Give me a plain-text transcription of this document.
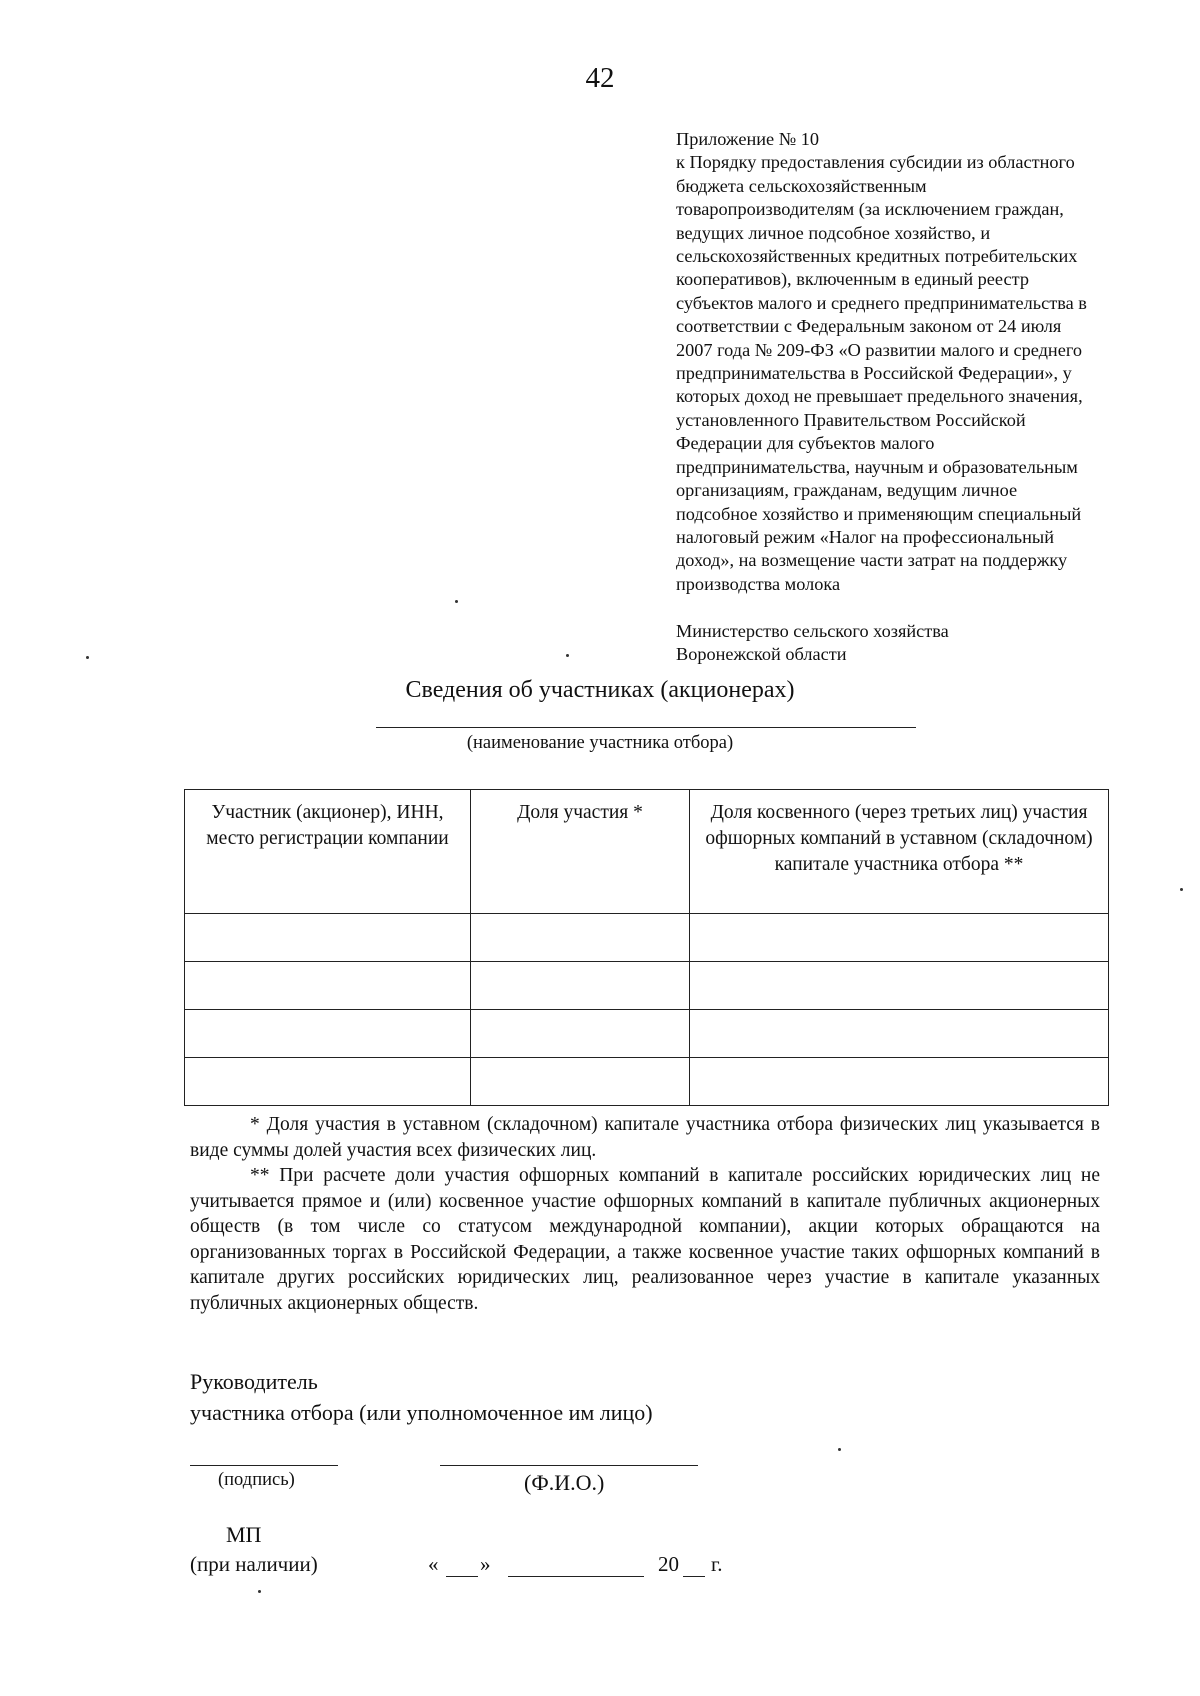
42
Приложение № 10
к Порядку предоставления субсидии из областного
бюджета сельскохозяйственным
товаропроизводителям (за исключением граждан,
ведущих личное подсобное хозяйство, и
сельскохозяйственных кредитных потребительских
кооперативов), включенным в единый реестр
субъектов малого и среднего предпринимательства в
соответствии с Федеральным законом от 24 июля
2007 года № 209-ФЗ «О развитии малого и среднего
предпринимательства в Российской Федерации», у
которых доход не превышает предельного значения,
установленного Правительством Российской
Федерации для субъектов малого
предпринимательства, научным и образовательным
организациям, гражданам, ведущим личное
подсобное хозяйство и применяющим специальный
налоговый режим «Налог на профессиональный
доход», на возмещение части затрат на поддержку
производства молока
Министерство сельского хозяйства
Воронежской области
Сведения об участниках (акционерах)
(наименование участника отбора)
Участник (акционер), ИНН, место регистрации компании	Доля участия *	Доля косвенного (через третьих лиц) участия офшорных компаний в уставном (складочном) капитале участника отбора **

* Доля участия в уставном (складочном) капитале участника отбора физических лиц указывается в виде суммы долей участия всех физических лиц.

** При расчете доли участия офшорных компаний в капитале российских юридических лиц не учитывается прямое и (или) косвенное участие офшорных компаний в капитале публичных акционерных обществ (в том числе со статусом международной компании), акции которых обращаются на организованных торгах в Российской Федерации, а также косвенное участие таких офшорных компаний в капитале других российских юридических лиц, реализованное через участие в капитале указанных публичных акционерных обществ.

Руководитель
участника отбора (или уполномоченное им лицо)
(подпись)	(Ф.И.О.)
МП
(при наличии)	« »	20 г.
